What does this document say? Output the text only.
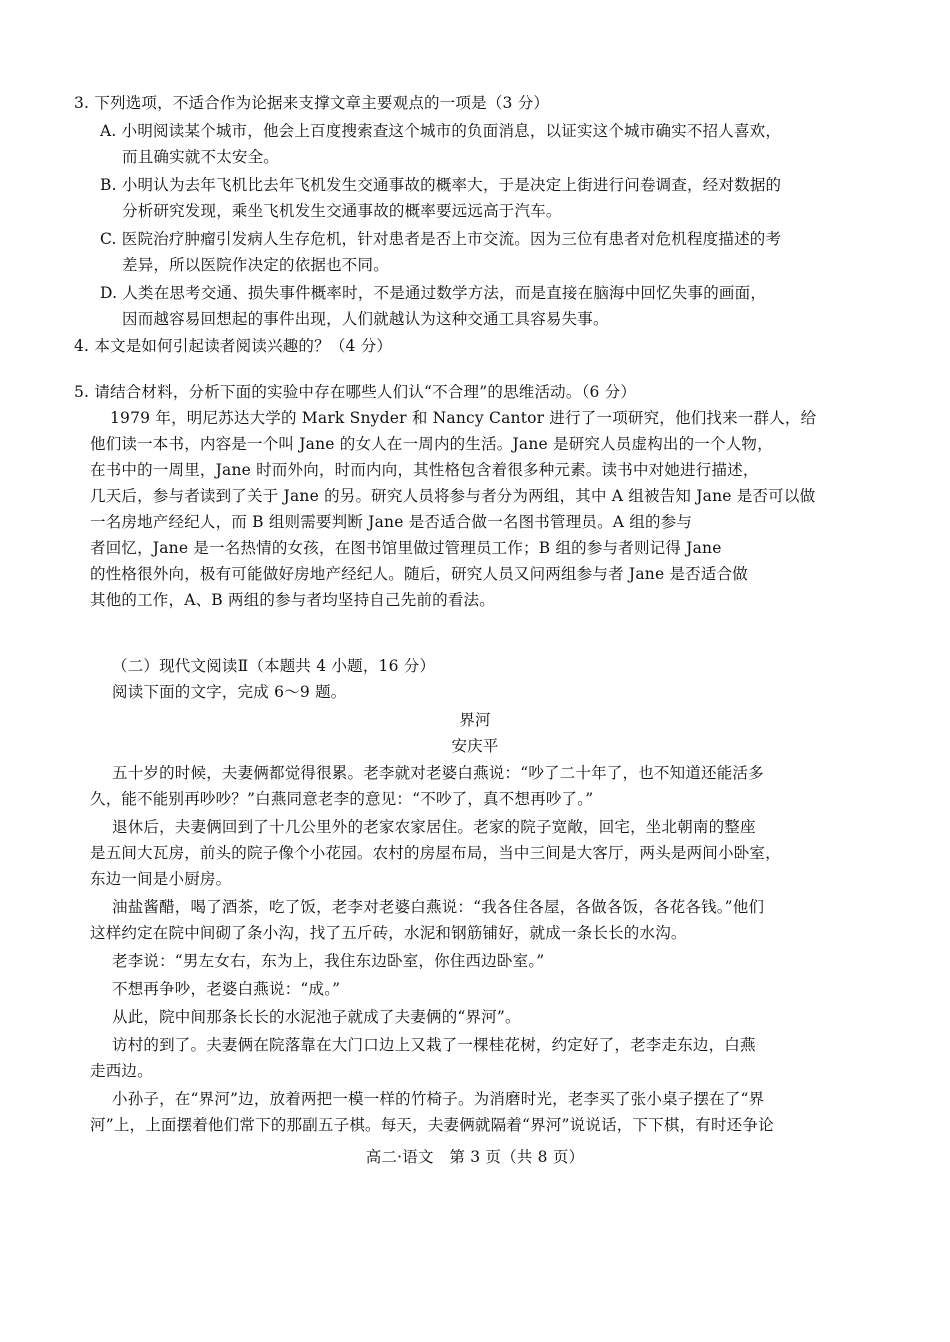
3. 下列选项，不适合作为论据来支撑文章主要观点的一项是（3 分）
A. 小明阅读某个城市，他会上百度搜索查这个城市的负面消息，以证实这个城市确实不招人喜欢，
而且确实就不太安全。
B. 小明认为去年飞机比去年飞机发生交通事故的概率大，于是决定上街进行问卷调查，经对数据的
分析研究发现，乘坐飞机发生交通事故的概率要远远高于汽车。
C. 医院治疗肿瘤引发病人生存危机，针对患者是否上市交流。因为三位有患者对危机程度描述的考
差异，所以医院作决定的依据也不同。
D. 人类在思考交通、损失事件概率时，不是通过数学方法，而是直接在脑海中回忆失事的画面，
因而越容易回想起的事件出现，人们就越认为这种交通工具容易失事。
4. 本文是如何引起读者阅读兴趣的？（4 分）
5. 请结合材料，分析下面的实验中存在哪些人们认“不合理”的思维活动。（6 分）
1979 年，明尼苏达大学的 Mark Snyder 和 Nancy Cantor 进行了一项研究，他们找来一群人，给
他们读一本书，内容是一个叫 Jane 的女人在一周内的生活。Jane 是研究人员虚构出的一个人物，
在书中的一周里，Jane 时而外向，时而内向，其性格包含着很多种元素。读书中对她进行描述，
几天后，参与者读到了关于 Jane 的另。研究人员将参与者分为两组，其中 A 组被告知 Jane 是否可以做
一名房地产经纪人，而 B 组则需要判断 Jane 是否适合做一名图书管理员。A 组的参与
者回忆，Jane 是一名热情的女孩，在图书馆里做过管理员工作；B 组的参与者则记得 Jane
的性格很外向，极有可能做好房地产经纪人。随后，研究人员又问两组参与者 Jane 是否适合做
其他的工作，A、B 两组的参与者均坚持自己先前的看法。
（二）现代文阅读Ⅱ（本题共 4 小题，16 分）
阅读下面的文字，完成 6～9 题。
界河
安庆平
五十岁的时候，夫妻俩都觉得很累。老李就对老婆白燕说：“吵了二十年了，也不知道还能活多
久，能不能别再吵吵？”白燕同意老李的意见：“不吵了，真不想再吵了。”
退休后，夫妻俩回到了十几公里外的老家农家居住。老家的院子宽敞，回宅，坐北朝南的整座
是五间大瓦房，前头的院子像个小花园。农村的房屋布局，当中三间是大客厅，两头是两间小卧室，
东边一间是小厨房。
油盐酱醋，喝了酒茶，吃了饭，老李对老婆白燕说：“我各住各屋，各做各饭，各花各钱。”他们
这样约定在院中间砌了条小沟，找了五斤砖，水泥和钢筋铺好，就成一条长长的水沟。
老李说：“男左女右，东为上，我住东边卧室，你住西边卧室。”
不想再争吵，老婆白燕说：“成。”
从此，院中间那条长长的水泥池子就成了夫妻俩的“界河”。
访村的到了。夫妻俩在院落靠在大门口边上又栽了一棵桂花树，约定好了，老李走东边，白燕
走西边。
小孙子，在“界河”边，放着两把一模一样的竹椅子。为消磨时光，老李买了张小桌子摆在了“界
河”上，上面摆着他们常下的那副五子棋。每天，夫妻俩就隔着“界河”说说话，下下棋，有时还争论
高二·语文　第 3 页（共 8 页）
